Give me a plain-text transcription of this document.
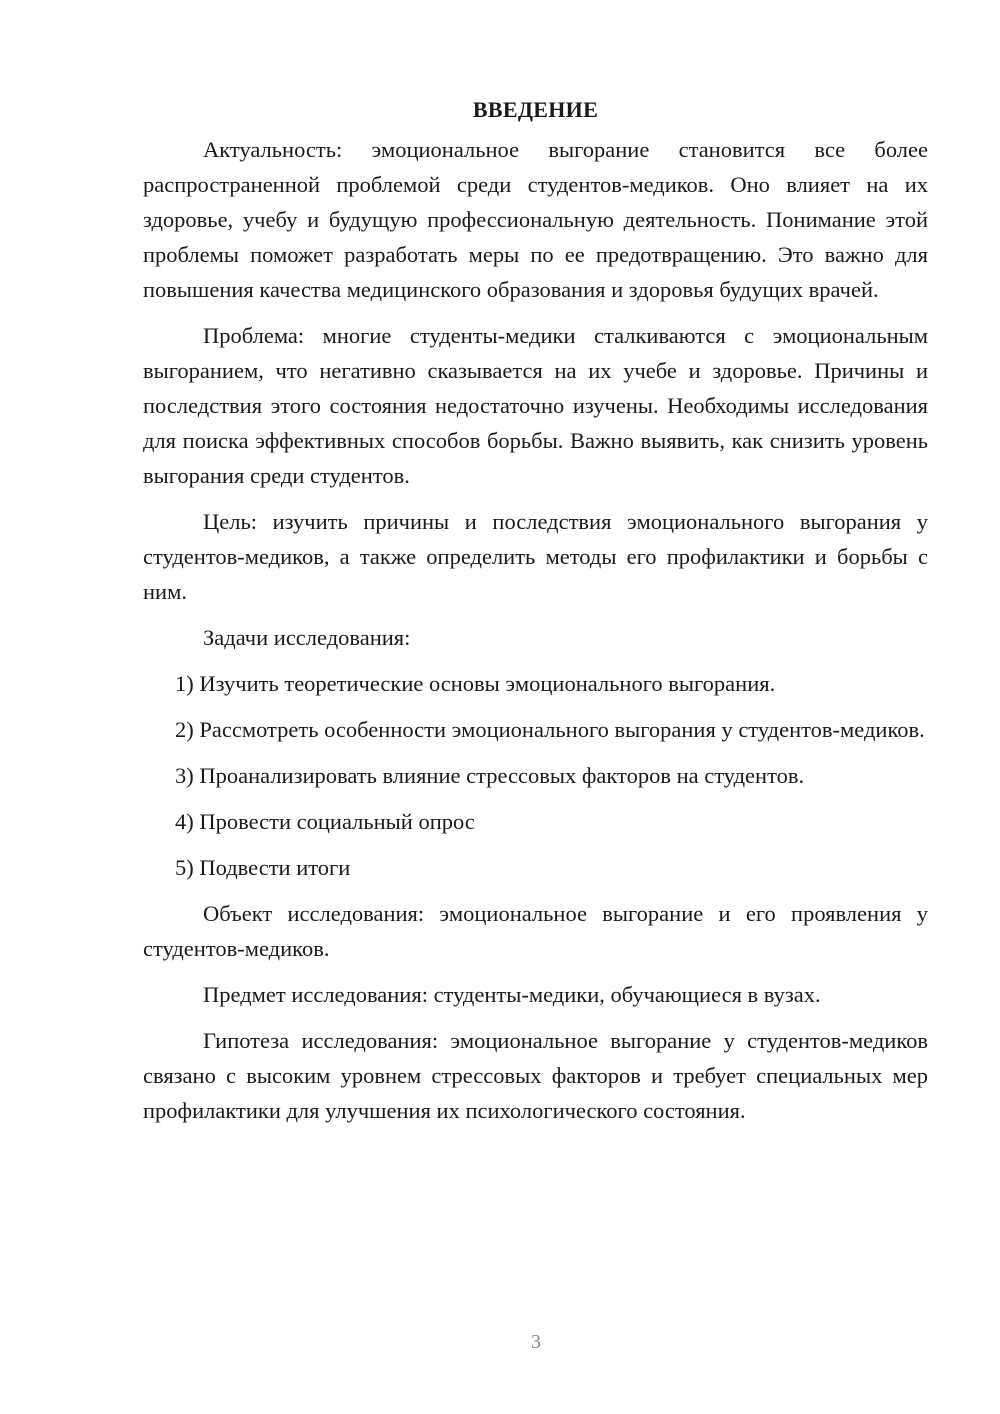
ВВЕДЕНИЕ

Актуальность: эмоциональное выгорание становится все более распространенной проблемой среди студентов-медиков. Оно влияет на их здоровье, учебу и будущую профессиональную деятельность. Понимание этой проблемы поможет разработать меры по ее предотвращению. Это важно для повышения качества медицинского образования и здоровья будущих врачей.

Проблема: многие студенты-медики сталкиваются с эмоциональным выгоранием, что негативно сказывается на их учебе и здоровье. Причины и последствия этого состояния недостаточно изучены. Необходимы исследования для поиска эффективных способов борьбы. Важно выявить, как снизить уровень выгорания среди студентов.

Цель: изучить причины и последствия эмоционального выгорания у студентов-медиков, а также определить методы его профилактики и борьбы с ним.

Задачи исследования:

1) Изучить теоретические основы эмоционального выгорания.

2) Рассмотреть особенности эмоционального выгорания у студентов-медиков.

3) Проанализировать влияние стрессовых факторов на студентов.

4) Провести социальный опрос

5) Подвести итоги

Объект исследования: эмоциональное выгорание и его проявления у студентов-медиков.

Предмет исследования: студенты-медики, обучающиеся в вузах.

Гипотеза исследования: эмоциональное выгорание у студентов-медиков связано с высоким уровнем стрессовых факторов и требует специальных мер профилактики для улучшения их психологического состояния.

3
